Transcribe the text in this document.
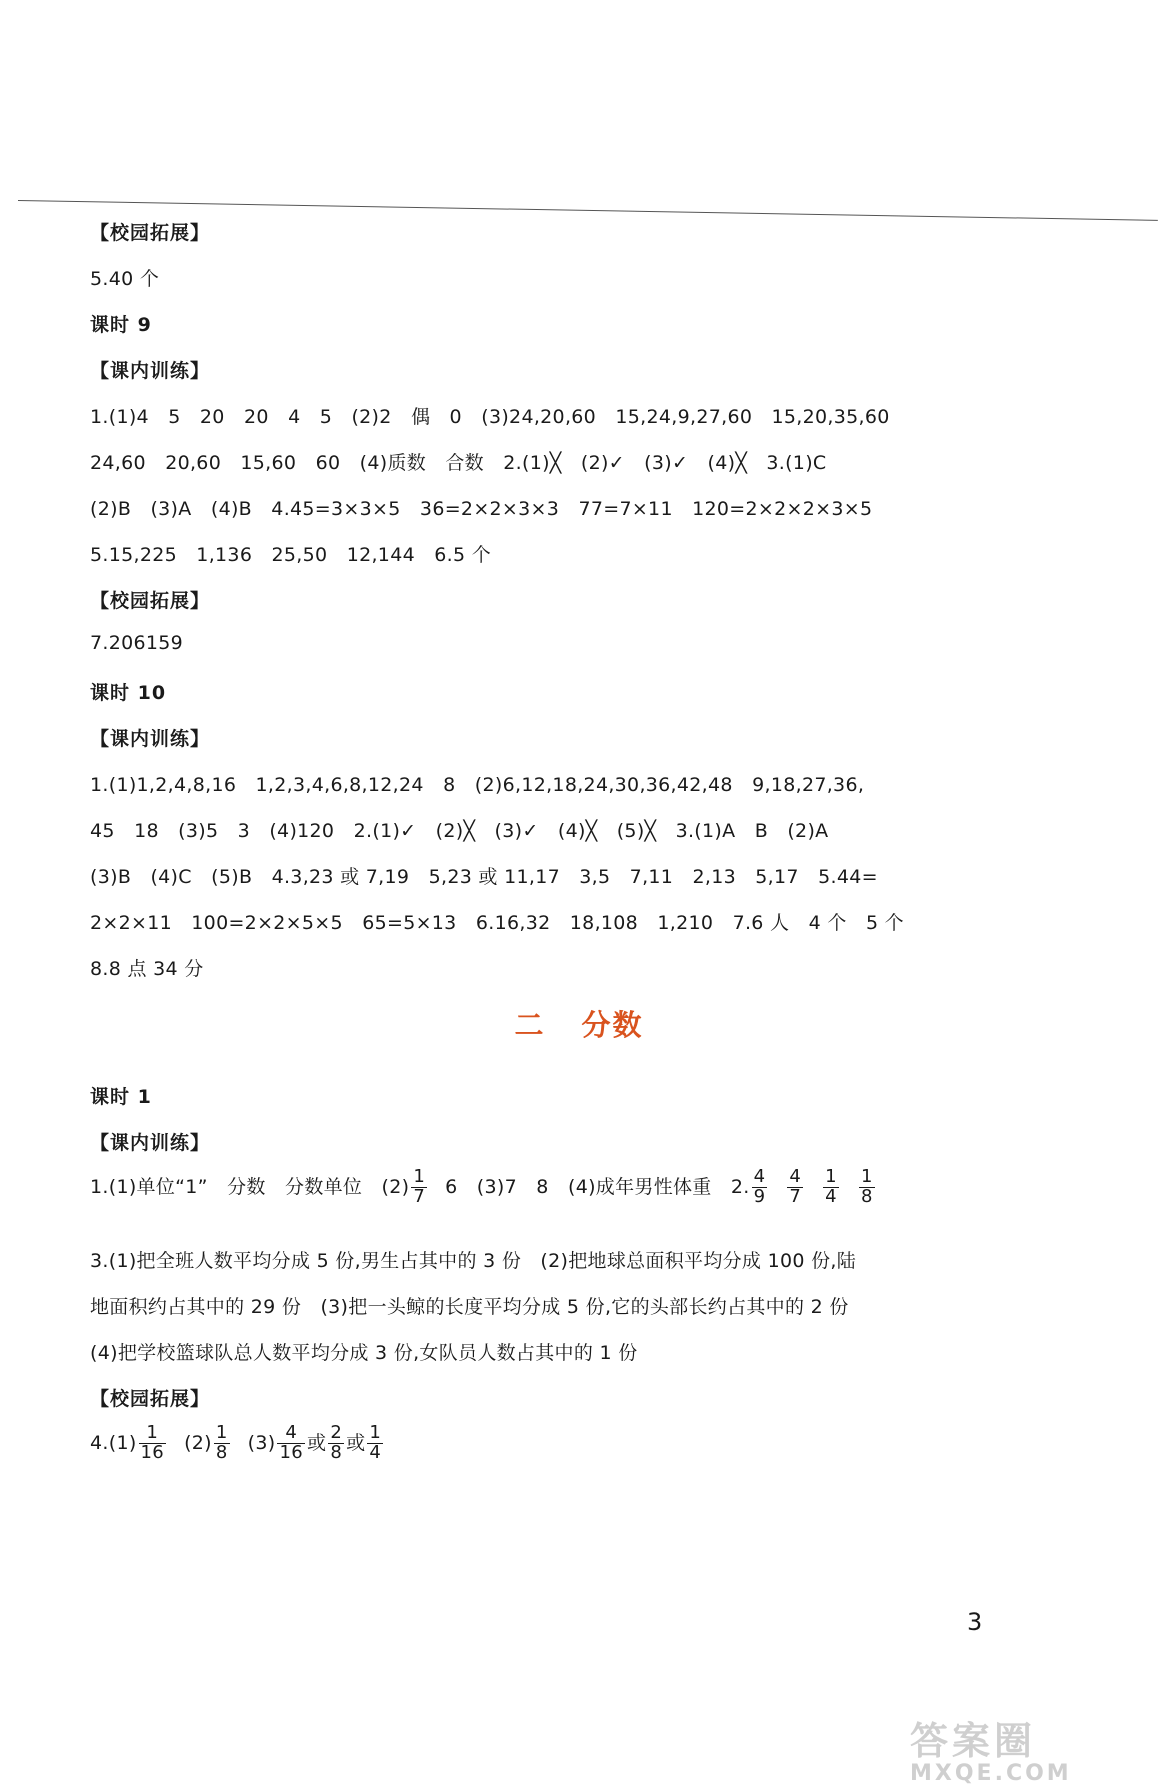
【校园拓展】
5.40 个
课时 9
【课内训练】
1.(1)4　5　20　20　4　5　(2)2　偶　0　(3)24,20,60　15,24,9,27,60　15,20,35,60
24,60　20,60　15,60　60　(4)质数　合数　2.(1)╳　(2)✓　(3)✓　(4)╳　3.(1)C
(2)B　(3)A　(4)B　4.45=3×3×5　36=2×2×3×3　77=7×11　120=2×2×2×3×5
5.15,225　1,136　25,50　12,144　6.5 个
【校园拓展】
7.206159
课时 10
【课内训练】
1.(1)1,2,4,8,16　1,2,3,4,6,8,12,24　8　(2)6,12,18,24,30,36,42,48　9,18,27,36,
45　18　(3)5　3　(4)120　2.(1)✓　(2)╳　(3)✓　(4)╳　(5)╳　3.(1)A　B　(2)A
(3)B　(4)C　(5)B　4.3,23 或 7,19　5,23 或 11,17　3,5　7,11　2,13　5,17　5.44=
2×2×11　100=2×2×5×5　65=5×13　6.16,32　18,108　1,210　7.6 人　4 个　5 个
8.8 点 34 分
二 分数
课时 1
【课内训练】
1.(1)单位“1”　分数　分数单位　$(2) \frac{1}{7} 6$　(3)7　8　(4)成年男性体重　2. $\frac{4}{9} \frac{4}{7} \frac{1}{4} \frac{1}{8}$
3.(1)把全班人数平均分成 5 份,男生占其中的 3 份　(2)把地球总面积平均分成 100 份,陆
地面积约占其中的 29 份　(3)把一头鲸的长度平均分成 5 份,它的头部长约占其中的 2 份
(4)把学校篮球队总人数平均分成 3 份,女队员人数占其中的 1 份
【校园拓展】
$4.(1) \frac{1}{16} (2) \frac{1}{8} (3) \frac{4}{16}$ 或 $\frac{2}{8}$ 或 $\frac{1}{4}$
3
答案圈
MXQE.COM
